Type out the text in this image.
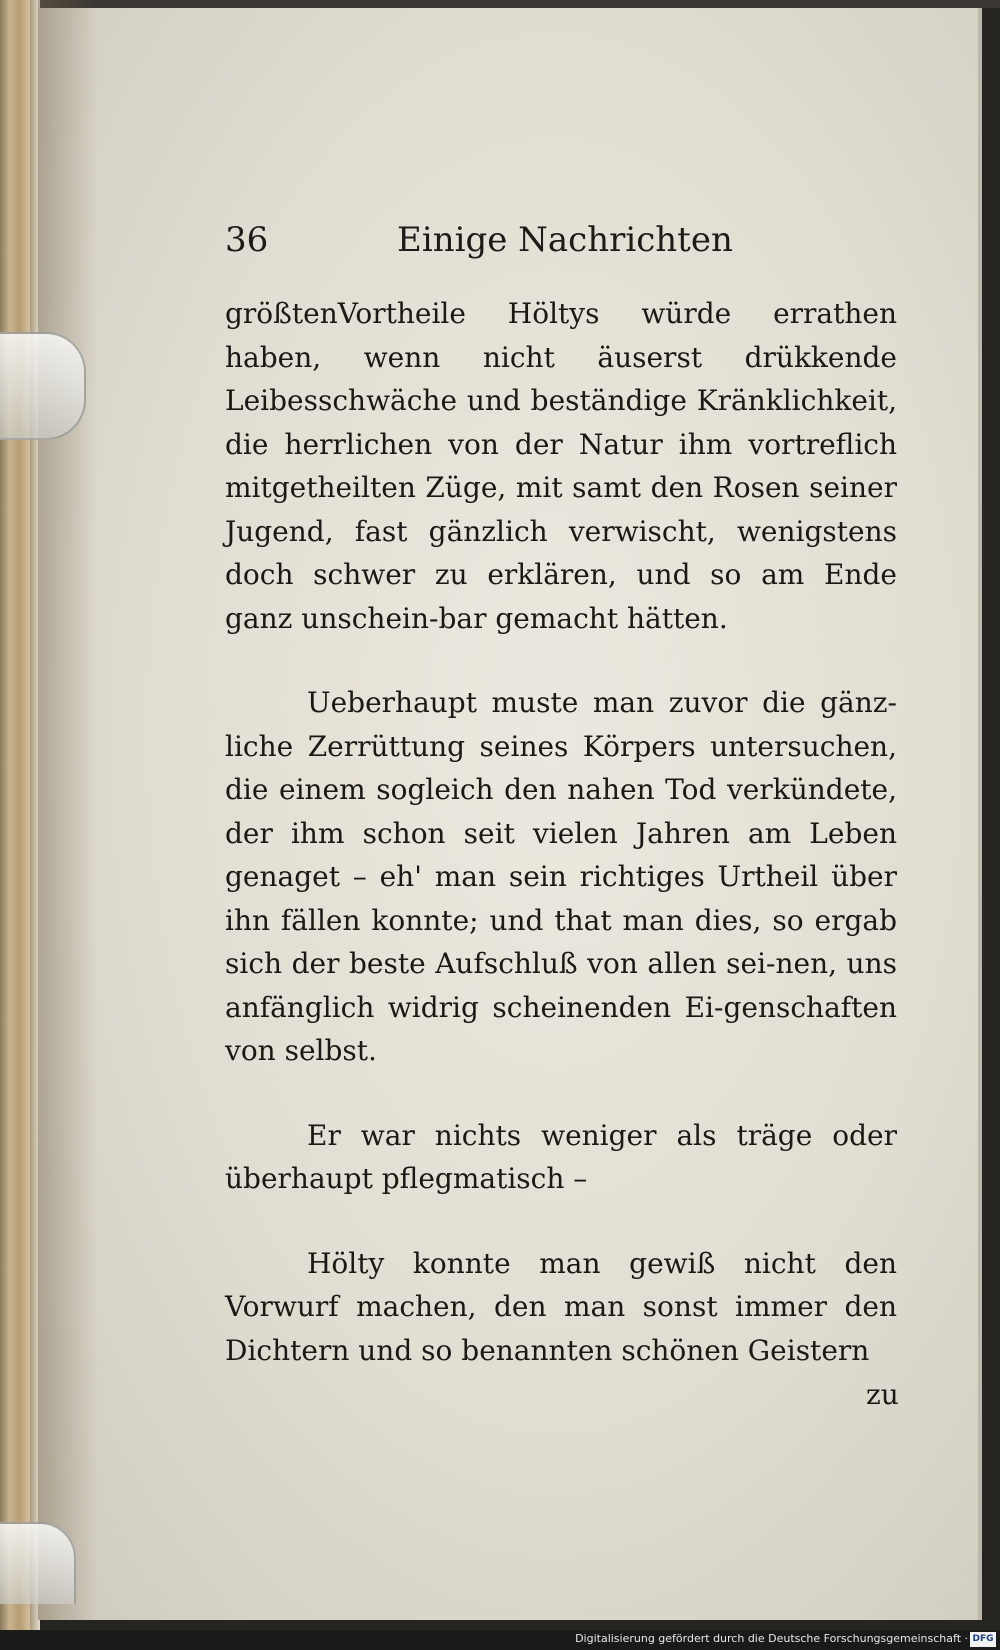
36	Einige Nachrichten

größtenVortheile Höltys würde errathen haben, wenn nicht äuserst drükkende Leibesschwäche und beständige Kränklichkeit, die herrlichen von der Natur ihm vortreflich mitgetheilten Züge, mit samt den Rosen seiner Jugend, fast gänzlich verwischt, wenigstens doch schwer zu erklären, und so am Ende ganz unschein-bar gemacht hätten.

Ueberhaupt muste man zuvor die gänz-liche Zerrüttung seines Körpers untersuchen, die einem sogleich den nahen Tod verkündete, der ihm schon seit vielen Jahren am Leben genaget – eh' man sein richtiges Urtheil über ihn fällen konnte; und that man dies, so ergab sich der beste Aufschluß von allen sei-nen, uns anfänglich widrig scheinenden Ei-genschaften von selbst.

Er war nichts weniger als träge oder überhaupt pflegmatisch –

Hölty konnte man gewiß nicht den Vorwurf machen, den man sonst immer den Dichtern und so benannten schönen Geistern

zu
Digitalisierung gefördert durch die Deutsche Forschungsgemeinschaft · DFG
